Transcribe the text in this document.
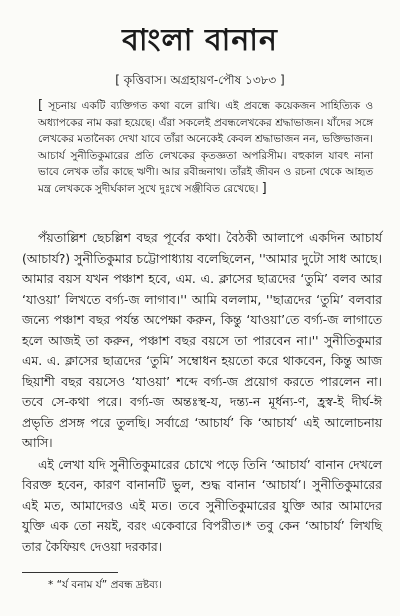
বাংলা বানান
[ কৃত্তিবাস। অগ্রহায়ণ-পৌষ ১৩৮৩ ]
[ সূচনায় একটি ব্যক্তিগত কথা বলে রাখি। এই প্রবন্ধে কয়েকজন সাহিত্যিক ও অধ্যাপকের নাম করা হয়েছে। এঁরা সকলেই প্রবন্ধলেখকের শ্রদ্ধাভাজন। যাঁদের সঙ্গে লেখকের মতানৈক্য দেখা যাবে তাঁরা অনেকেই কেবল শ্রদ্ধাভাজন নন, ভক্তিভাজন। আচার্য সুনীতিকুমারের প্রতি লেখকের কৃতজ্ঞতা অপরিসীম। বহুকাল যাবৎ নানা ভাবে লেখক তাঁর কাছে ঋণী। আর রবীন্দ্রনাথ। তাঁরই জীবন ও রচনা থেকে আহৃত মন্ত্র লেখককে সুদীর্ঘকাল সুখে দুঃখে সঞ্জীবিত রেখেছে। ]

পঁয়তাল্লিশ ছেচল্লিশ বছর পূর্বের কথা। বৈঠকী আলাপে একদিন আচার্য (আচার্য?) সুনীতিকুমার চট্টোপাধ্যায় বলেছিলেন, ''আমার দুটো সাধ আছে। আমার বয়স যখন পঞ্চাশ হবে, এম. এ. ক্লাসের ছাত্রদের ‘তুমি’ বলব আর ‘যাওয়া’ লিখতে বর্গ্য-জ লাগাব।'' আমি বললাম, ''ছাত্রদের ‘তুমি’ বলবার জন্যে পঞ্চাশ বছর পর্যন্ত অপেক্ষা করুন, কিন্তু ‘যাওয়া’তে বর্গ্য-জ লাগাতে হলে আজই তা করুন, পঞ্চাশ বছর বয়সে তা পারবেন না।'' সুনীতিকুমার এম. এ. ক্লাসের ছাত্রদের ‘তুমি’ সম্বোধন হয়তো করে থাকবেন, কিন্তু আজ ছিয়াশী বছর বয়সেও ‘যাওয়া’ শব্দে বর্গ্য-জ প্রয়োগ করতে পারলেন না। তবে সে-কথা পরে। বর্গ্য-জ অন্তঃস্থ-য, দন্ত্য-ন মূর্ধন্য-ণ, হ্রস্ব-ই দীর্ঘ-ঈ প্রভৃতি প্রসঙ্গ পরে তুলছি। সর্বাগ্রে ‘আচার্য’ কি ‘আচার্য’ এই আলোচনায় আসি।

এই লেখা যদি সুনীতিকুমারের চোখে পড়ে তিনি ‘আচার্য’ বানান দেখলে বিরক্ত হবেন, কারণ বানানটি ভুল, শুদ্ধ বানান ‘আচার্য’। সুনীতিকুমারের এই মত, আমাদেরও এই মত। তবে সুনীতিকুমারের যুক্তি আর আমাদের যুক্তি এক তো নয়ই, বরং একেবারে বিপরীত।* তবু কেন ‘আচার্য’ লিখছি তার কৈফিয়ৎ দেওয়া দরকার।

* “র্য বনাম র্য” প্রবন্ধ দ্রষ্টব্য।
